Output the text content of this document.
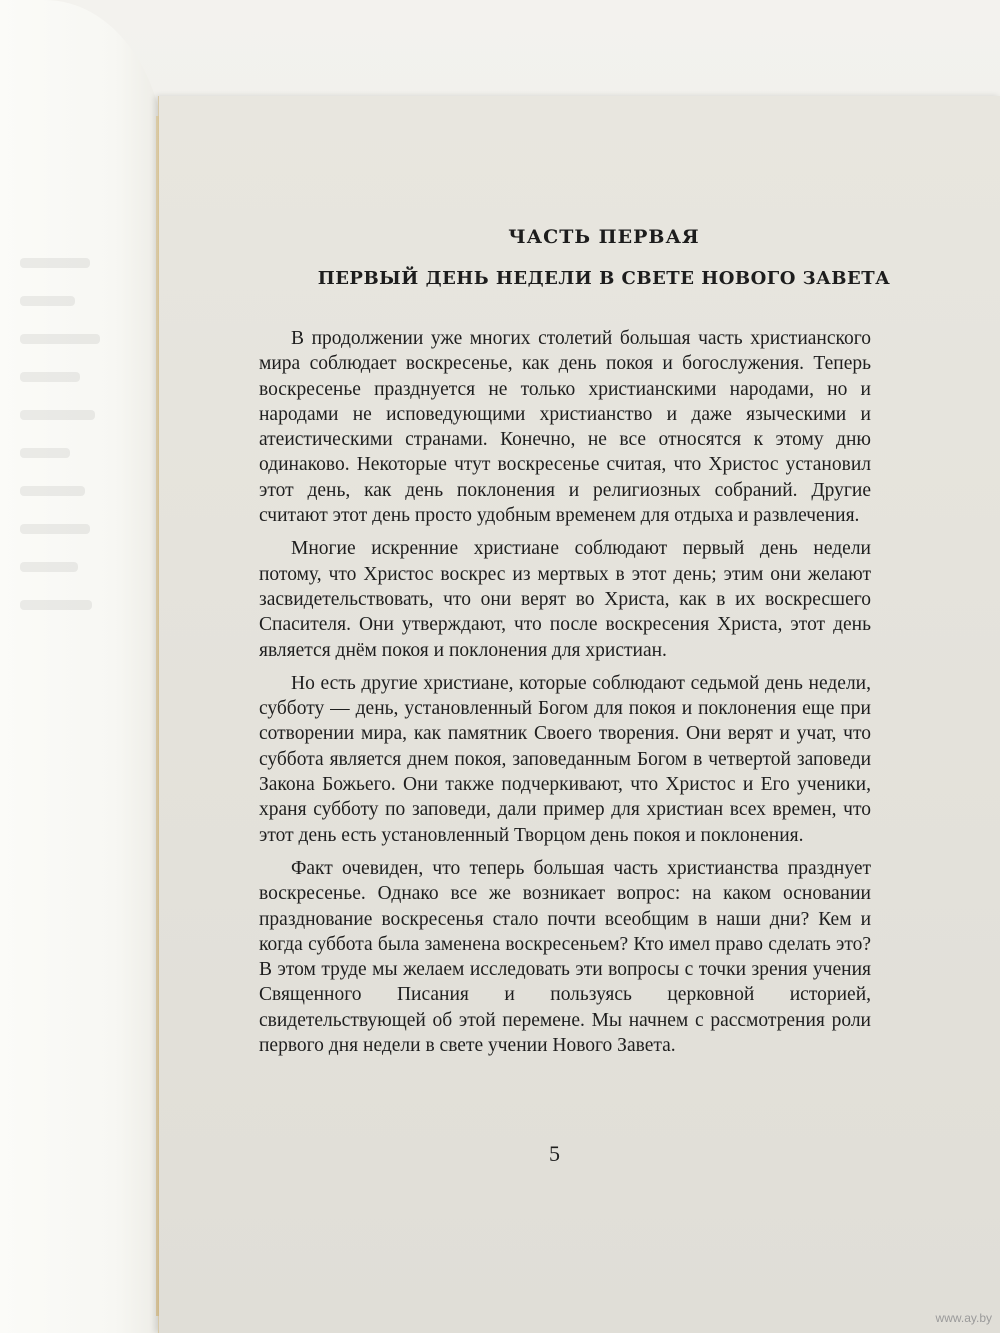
ЧАСТЬ ПЕРВАЯ
ПЕРВЫЙ ДЕНЬ НЕДЕЛИ В СВЕТЕ НОВОГО ЗАВЕТА

В продолжении уже многих столетий большая часть христианского мира соблюдает воскресенье, как день покоя и богослужения. Теперь воскресенье празднуется не только христианскими народами, но и народами не исповедующими христианство и даже языческими и атеистическими странами. Конечно, не все относятся к этому дню одинаково. Некоторые чтут воскресенье считая, что Христос установил этот день, как день поклонения и религиозных собраний. Другие считают этот день просто удобным временем для отдыха и развлечения.

Многие искренние христиане соблюдают первый день недели потому, что Христос воскрес из мертвых в этот день; этим они желают засвидетельствовать, что они верят во Христа, как в их воскресшего Спасителя. Они утверждают, что после воскресения Христа, этот день является днём покоя и поклонения для христиан.

Но есть другие христиане, которые соблюдают седьмой день недели, субботу — день, установленный Богом для покоя и поклонения еще при сотворении мира, как памятник Своего творения. Они верят и учат, что суббота является днем покоя, заповеданным Богом в четвертой заповеди Закона Божьего. Они также подчеркивают, что Христос и Его ученики, храня субботу по заповеди, дали пример для христиан всех времен, что этот день есть установленный Творцом день покоя и поклонения.

Факт очевиден, что теперь большая часть христианства празднует воскресенье. Однако все же возникает вопрос: на каком основании празднование воскресенья стало почти всеобщим в наши дни? Кем и когда суббота была заменена воскресеньем? Кто имел право сделать это? В этом труде мы желаем исследовать эти вопросы с точки зрения учения Священного Писания и пользуясь церковной историей, свидетельствующей об этой перемене. Мы начнем с рассмотрения роли первого дня недели в свете учении Нового Завета.

5
www.ay.by
